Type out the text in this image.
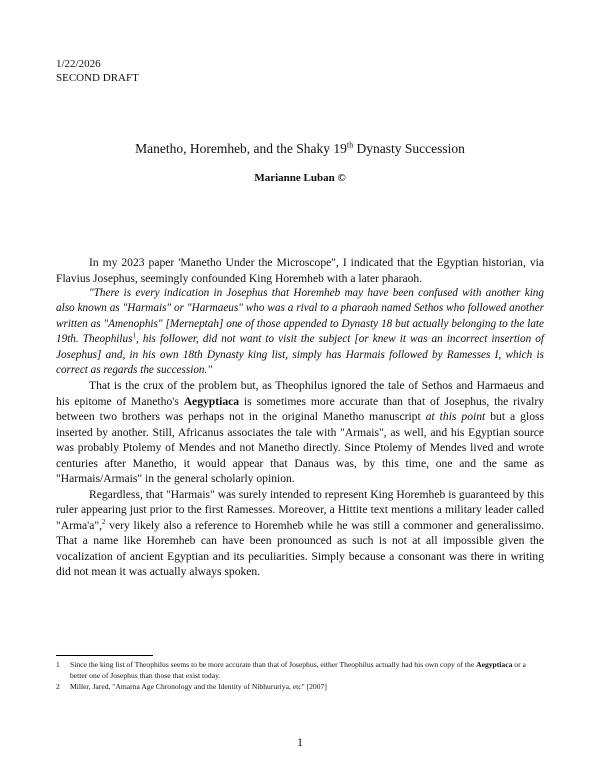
1/22/2026
SECOND DRAFT
Manetho, Horemheb, and the Shaky 19th Dynasty Succession
Marianne Luban ©

In my 2023 paper 'Manetho Under the Microscope", I indicated that the Egyptian historian, via Flavius Josephus, seemingly confounded King Horemheb with a later pharaoh.

"There is every indication in Josephus that Horemheb may have been confused with another king also known as "Harmais" or "Harmaeus" who was a rival to a pharaoh named Sethos who followed another written as "Amenophis" [Merneptah] one of those appended to Dynasty 18 but actually belonging to the late 19th. Theophilus$^1$, his follower, did not want to visit the subject [or knew it was an incorrect insertion of Josephus] and, in his own 18th Dynasty king list, simply has Harmais followed by Ramesses I, which is correct as regards the succession."

That is the crux of the problem but, as Theophilus ignored the tale of Sethos and Harmaeus and his epitome of Manetho's Aegyptiaca is sometimes more accurate than that of Josephus, the rivalry between two brothers was perhaps not in the original Manetho manuscript at this point but a gloss inserted by another. Still, Africanus associates the tale with "Armais", as well, and his Egyptian source was probably Ptolemy of Mendes and not Manetho directly. Since Ptolemy of Mendes lived and wrote centuries after Manetho, it would appear that Danaus was, by this time, one and the same as "Harmais/Armais" in the general scholarly opinion.

Regardless, that "Harmais" was surely intended to represent King Horemheb is guaranteed by this ruler appearing just prior to the first Ramesses. Moreover, a Hittite text mentions a military leader called "Arma'a",$^2$ very likely also a reference to Horemheb while he was still a commoner and generalissimo. That a name like Horemheb can have been pronounced as such is not at all impossible given the vocalization of ancient Egyptian and its peculiarities. Simply because a consonant was there in writing did not mean it was actually always spoken.

1	Since the king list of Theophilus seems to be more accurate than that of Josephus, either Theophilus actually had his own copy of the Aegyptiaca or a better one of Josephus than those that exist today.
2	Miller, Jared, "Amarna Age Chronology and the Identity of Nibhururiya, etc" [2007]
1
